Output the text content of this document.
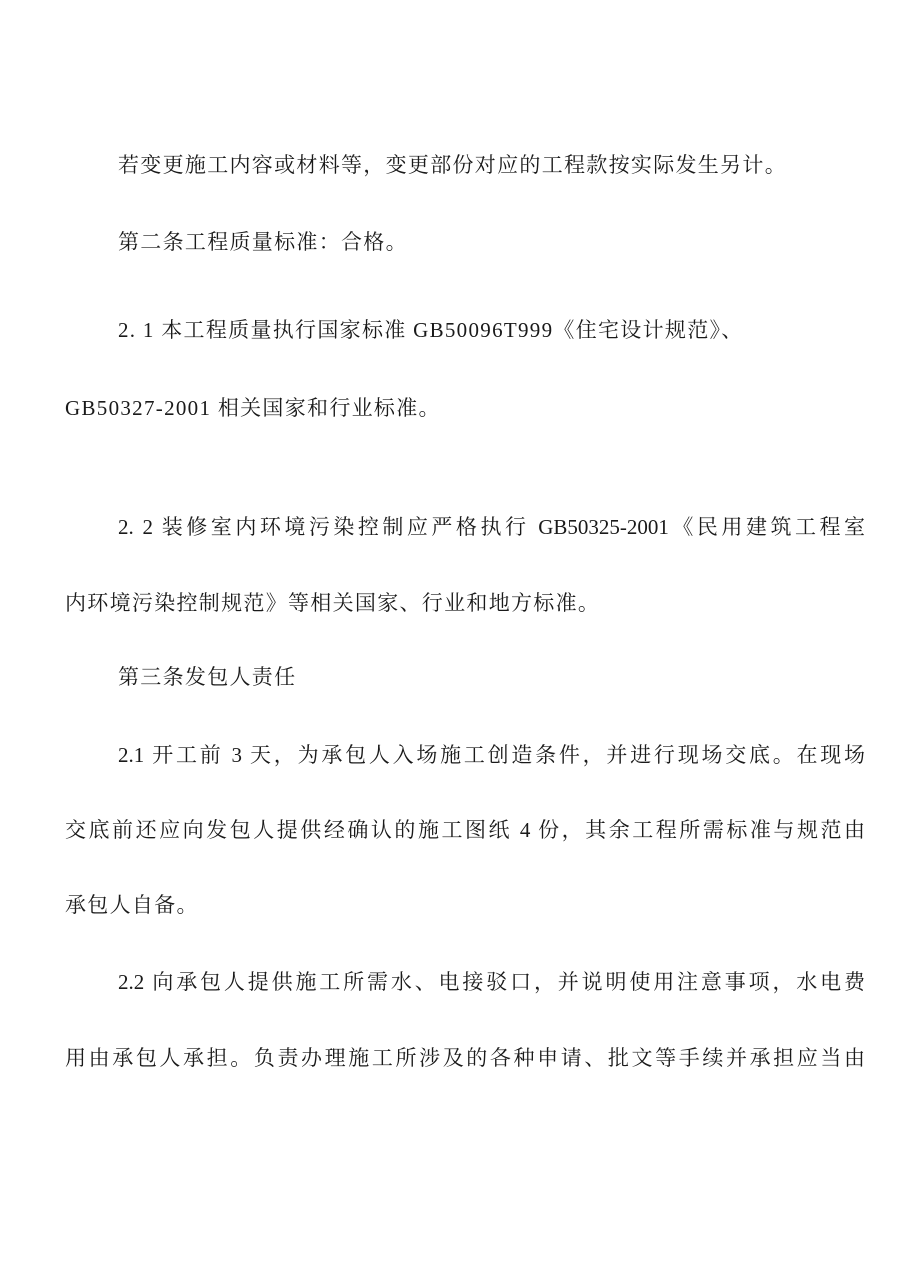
若变更施工内容或材料等，变更部份对应的工程款按实际发生另计。
第二条工程质量标准：合格。
2. 1 本工程质量执行国家标准 GB50096T999《住宅设计规范》、
GB50327-2001 相关国家和行业标准。
2. 2 装修室内环境污染控制应严格执行 GB50325-2001《民用建筑工程室
内环境污染控制规范》等相关国家、行业和地方标准。
第三条发包人责任
2.1 开工前 3 天，为承包人入场施工创造条件，并进行现场交底。在现场
交底前还应向发包人提供经确认的施工图纸 4 份，其余工程所需标准与规范由
承包人自备。
2.2 向承包人提供施工所需水、电接驳口，并说明使用注意事项，水电费
用由承包人承担。负责办理施工所涉及的各种申请、批文等手续并承担应当由
